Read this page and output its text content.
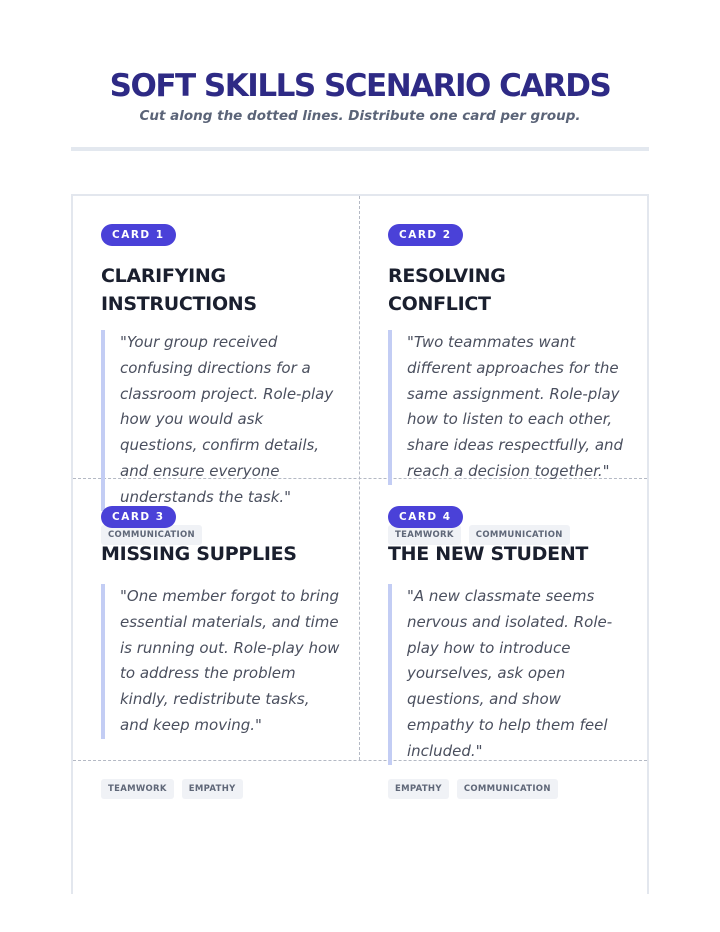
SOFT SKILLS SCENARIO CARDS
Cut along the dotted lines. Distribute one card per group.
CARD 1
CLARIFYING INSTRUCTIONS
"Your group received confusing directions for a classroom project. Role-play how you would ask questions, confirm details, and ensure everyone understands the task."
COMMUNICATION
CARD 2
RESOLVING CONFLICT
"Two teammates want different approaches for the same assignment. Role-play how to listen to each other, share ideas respectfully, and reach a decision together."
TEAMWORK	COMMUNICATION
CARD 3
MISSING SUPPLIES
"One member forgot to bring essential materials, and time is running out. Role-play how to address the problem kindly, redistribute tasks, and keep moving."
TEAMWORK	EMPATHY
CARD 4
THE NEW STUDENT
"A new classmate seems nervous and isolated. Role-play how to introduce yourselves, ask open questions, and show empathy to help them feel included."
EMPATHY	COMMUNICATION
